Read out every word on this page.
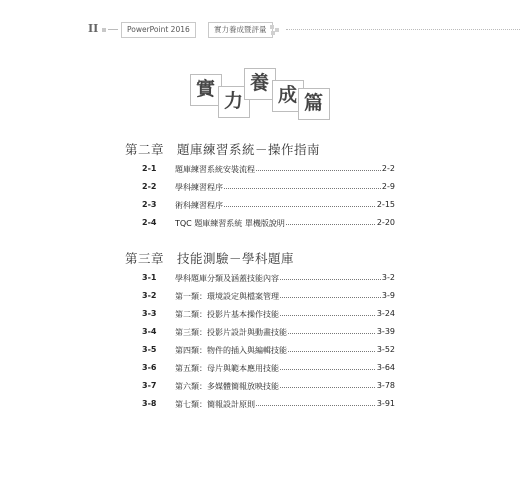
II	PowerPoint 2016	實力養成暨評量
實
力
養
成 篇
第二章　題庫練習系統－操作指南
2-1	題庫練習系統安裝流程	2-2
2-2	學科練習程序	2-9
2-3	術科練習程序	2-15
2-4	TQC 題庫練習系統 單機版說明	2-20
第三章　技能測驗－學科題庫
3-1	學科題庫分類及涵蓋技能內容	3-2
3-2	第一類：環境設定與檔案管理	3-9
3-3	第二類：投影片基本操作技能	3-24
3-4	第三類：投影片設計與動畫技能	3-39
3-5	第四類：物件的插入與編輯技能	3-52
3-6	第五類：母片與範本應用技能	3-64
3-7	第六類：多媒體簡報放映技能	3-78
3-8	第七類：簡報設計原則	3-91
